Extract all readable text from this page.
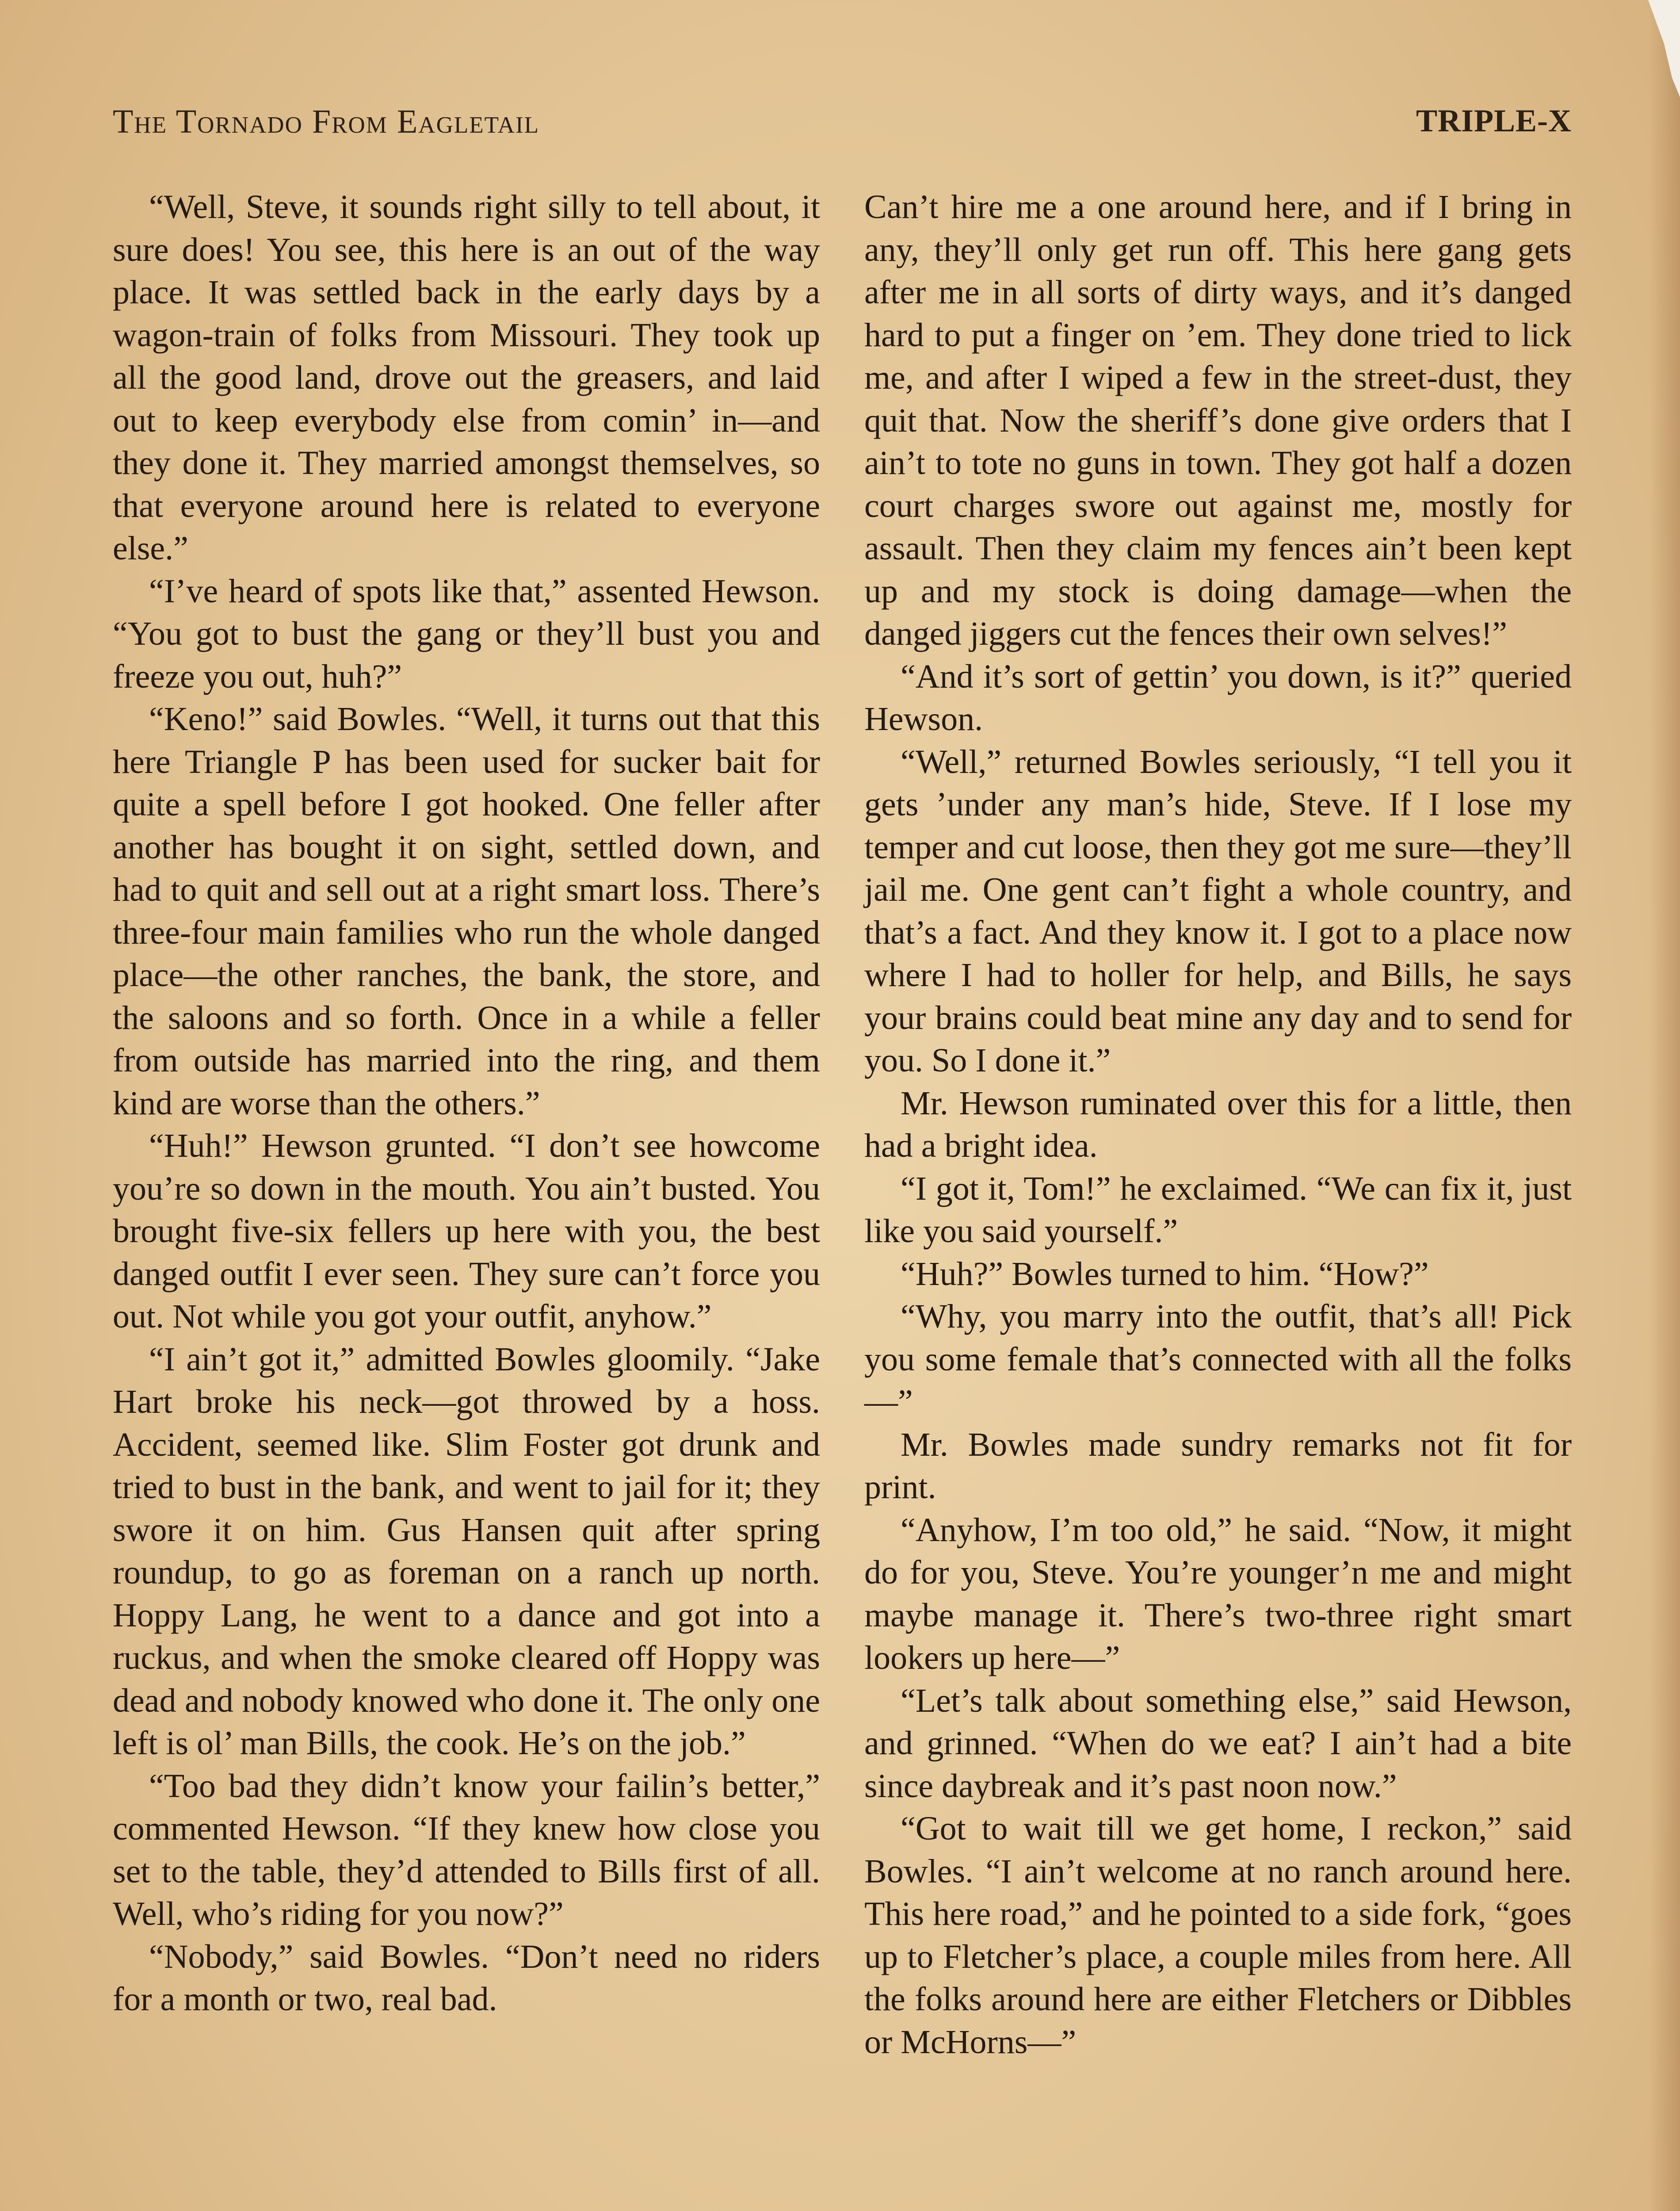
The Tornado From Eagletail	TRIPLE-X

“Well, Steve, it sounds right silly to tell about, it sure does! You see, this here is an out of the way place. It was settled back in the early days by a wagon-train of folks from Missouri. They took up all the good land, drove out the greasers, and laid out to keep everybody else from comin’ in—and they done it. They married amongst themselves, so that everyone around here is related to everyone else.”

“I’ve heard of spots like that,” assented Hewson. “You got to bust the gang or they’ll bust you and freeze you out, huh?”

“Keno!” said Bowles. “Well, it turns out that this here Triangle P has been used for sucker bait for quite a spell before I got hooked. One feller after another has bought it on sight, settled down, and had to quit and sell out at a right smart loss. There’s three-four main families who run the whole danged place—the other ranches, the bank, the store, and the saloons and so forth. Once in a while a feller from outside has married into the ring, and them kind are worse than the others.”

“Huh!” Hewson grunted. “I don’t see howcome you’re so down in the mouth. You ain’t busted. You brought five-six fellers up here with you, the best danged outfit I ever seen. They sure can’t force you out. Not while you got your outfit, anyhow.”

“I ain’t got it,” admitted Bowles gloomily. “Jake Hart broke his neck—got throwed by a hoss. Accident, seemed like. Slim Foster got drunk and tried to bust in the bank, and went to jail for it; they swore it on him. Gus Hansen quit after spring roundup, to go as foreman on a ranch up north. Hoppy Lang, he went to a dance and got into a ruckus, and when the smoke cleared off Hoppy was dead and nobody knowed who done it. The only one left is ol’ man Bills, the cook. He’s on the job.”

“Too bad they didn’t know your failin’s better,” commented Hewson. “If they knew how close you set to the table, they’d attended to Bills first of all. Well, who’s riding for you now?”

“Nobody,” said Bowles. “Don’t need no riders for a month or two, real bad.

Can’t hire me a one around here, and if I bring in any, they’ll only get run off. This here gang gets after me in all sorts of dirty ways, and it’s danged hard to put a finger on ’em. They done tried to lick me, and after I wiped a few in the street-dust, they quit that. Now the sheriff’s done give orders that I ain’t to tote no guns in town. They got half a dozen court charges swore out against me, mostly for assault. Then they claim my fences ain’t been kept up and my stock is doing damage—when the danged jiggers cut the fences their own selves!”

“And it’s sort of gettin’ you down, is it?” queried Hewson.

“Well,” returned Bowles seriously, “I tell you it gets ’under any man’s hide, Steve. If I lose my temper and cut loose, then they got me sure—they’ll jail me. One gent can’t fight a whole country, and that’s a fact. And they know it. I got to a place now where I had to holler for help, and Bills, he says your brains could beat mine any day and to send for you. So I done it.”

Mr. Hewson ruminated over this for a little, then had a bright idea.

“I got it, Tom!” he exclaimed. “We can fix it, just like you said yourself.”

“Huh?” Bowles turned to him. “How?”

“Why, you marry into the outfit, that’s all! Pick you some female that’s connected with all the folks—”

Mr. Bowles made sundry remarks not fit for print.

“Anyhow, I’m too old,” he said. “Now, it might do for you, Steve. You’re younger’n me and might maybe manage it. There’s two-three right smart lookers up here—”

“Let’s talk about something else,” said Hewson, and grinned. “When do we eat? I ain’t had a bite since daybreak and it’s past noon now.”

“Got to wait till we get home, I reckon,” said Bowles. “I ain’t welcome at no ranch around here. This here road,” and he pointed to a side fork, “goes up to Fletcher’s place, a couple miles from here. All the folks around here are either Fletchers or Dibbles or McHorns—”
